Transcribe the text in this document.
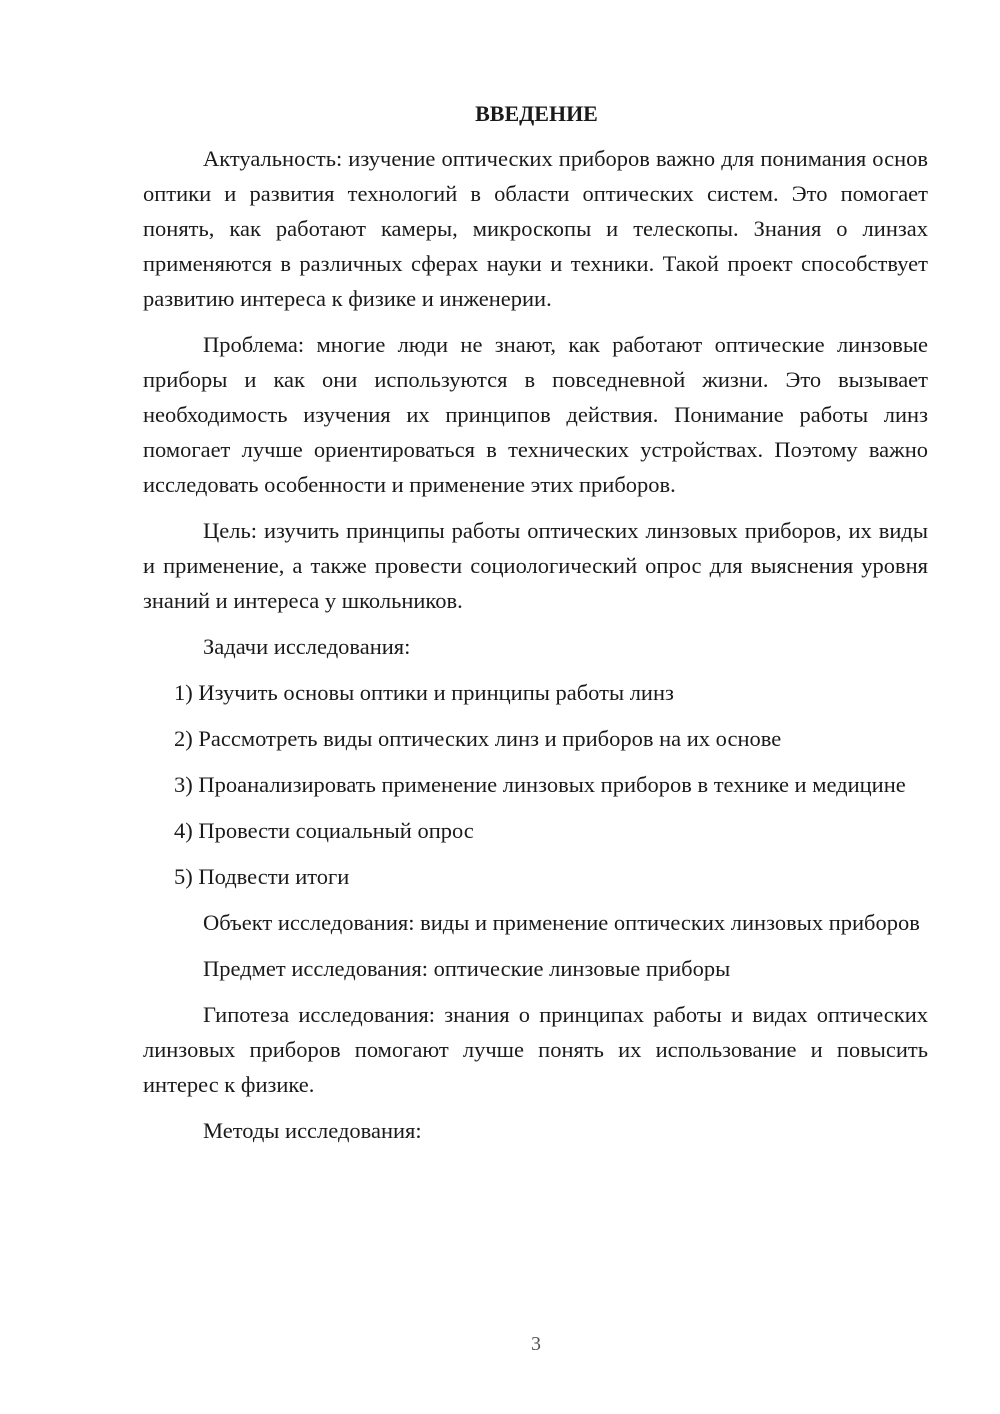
ВВЕДЕНИЕ

Актуальность: изучение оптических приборов важно для понимания основ оптики и развития технологий в области оптических систем. Это помогает понять, как работают камеры, микроскопы и телескопы. Знания о линзах применяются в различных сферах науки и техники. Такой проект способствует развитию интереса к физике и инженерии.

Проблема: многие люди не знают, как работают оптические линзовые приборы и как они используются в повседневной жизни. Это вызывает необходимость изучения их принципов действия. Понимание работы линз помогает лучше ориентироваться в технических устройствах. Поэтому важно исследовать особенности и применение этих приборов.

Цель: изучить принципы работы оптических линзовых приборов, их виды и применение, а также провести социологический опрос для выяснения уровня знаний и интереса у школьников.

Задачи исследования:

1) Изучить основы оптики и принципы работы линз

2) Рассмотреть виды оптических линз и приборов на их основе

3) Проанализировать применение линзовых приборов в технике и медицине

4) Провести социальный опрос

5) Подвести итоги

Объект исследования: виды и применение оптических линзовых приборов

Предмет исследования: оптические линзовые приборы

Гипотеза исследования: знания о принципах работы и видах оптических линзовых приборов помогают лучше понять их использование и повысить интерес к физике.

Методы исследования:

3
